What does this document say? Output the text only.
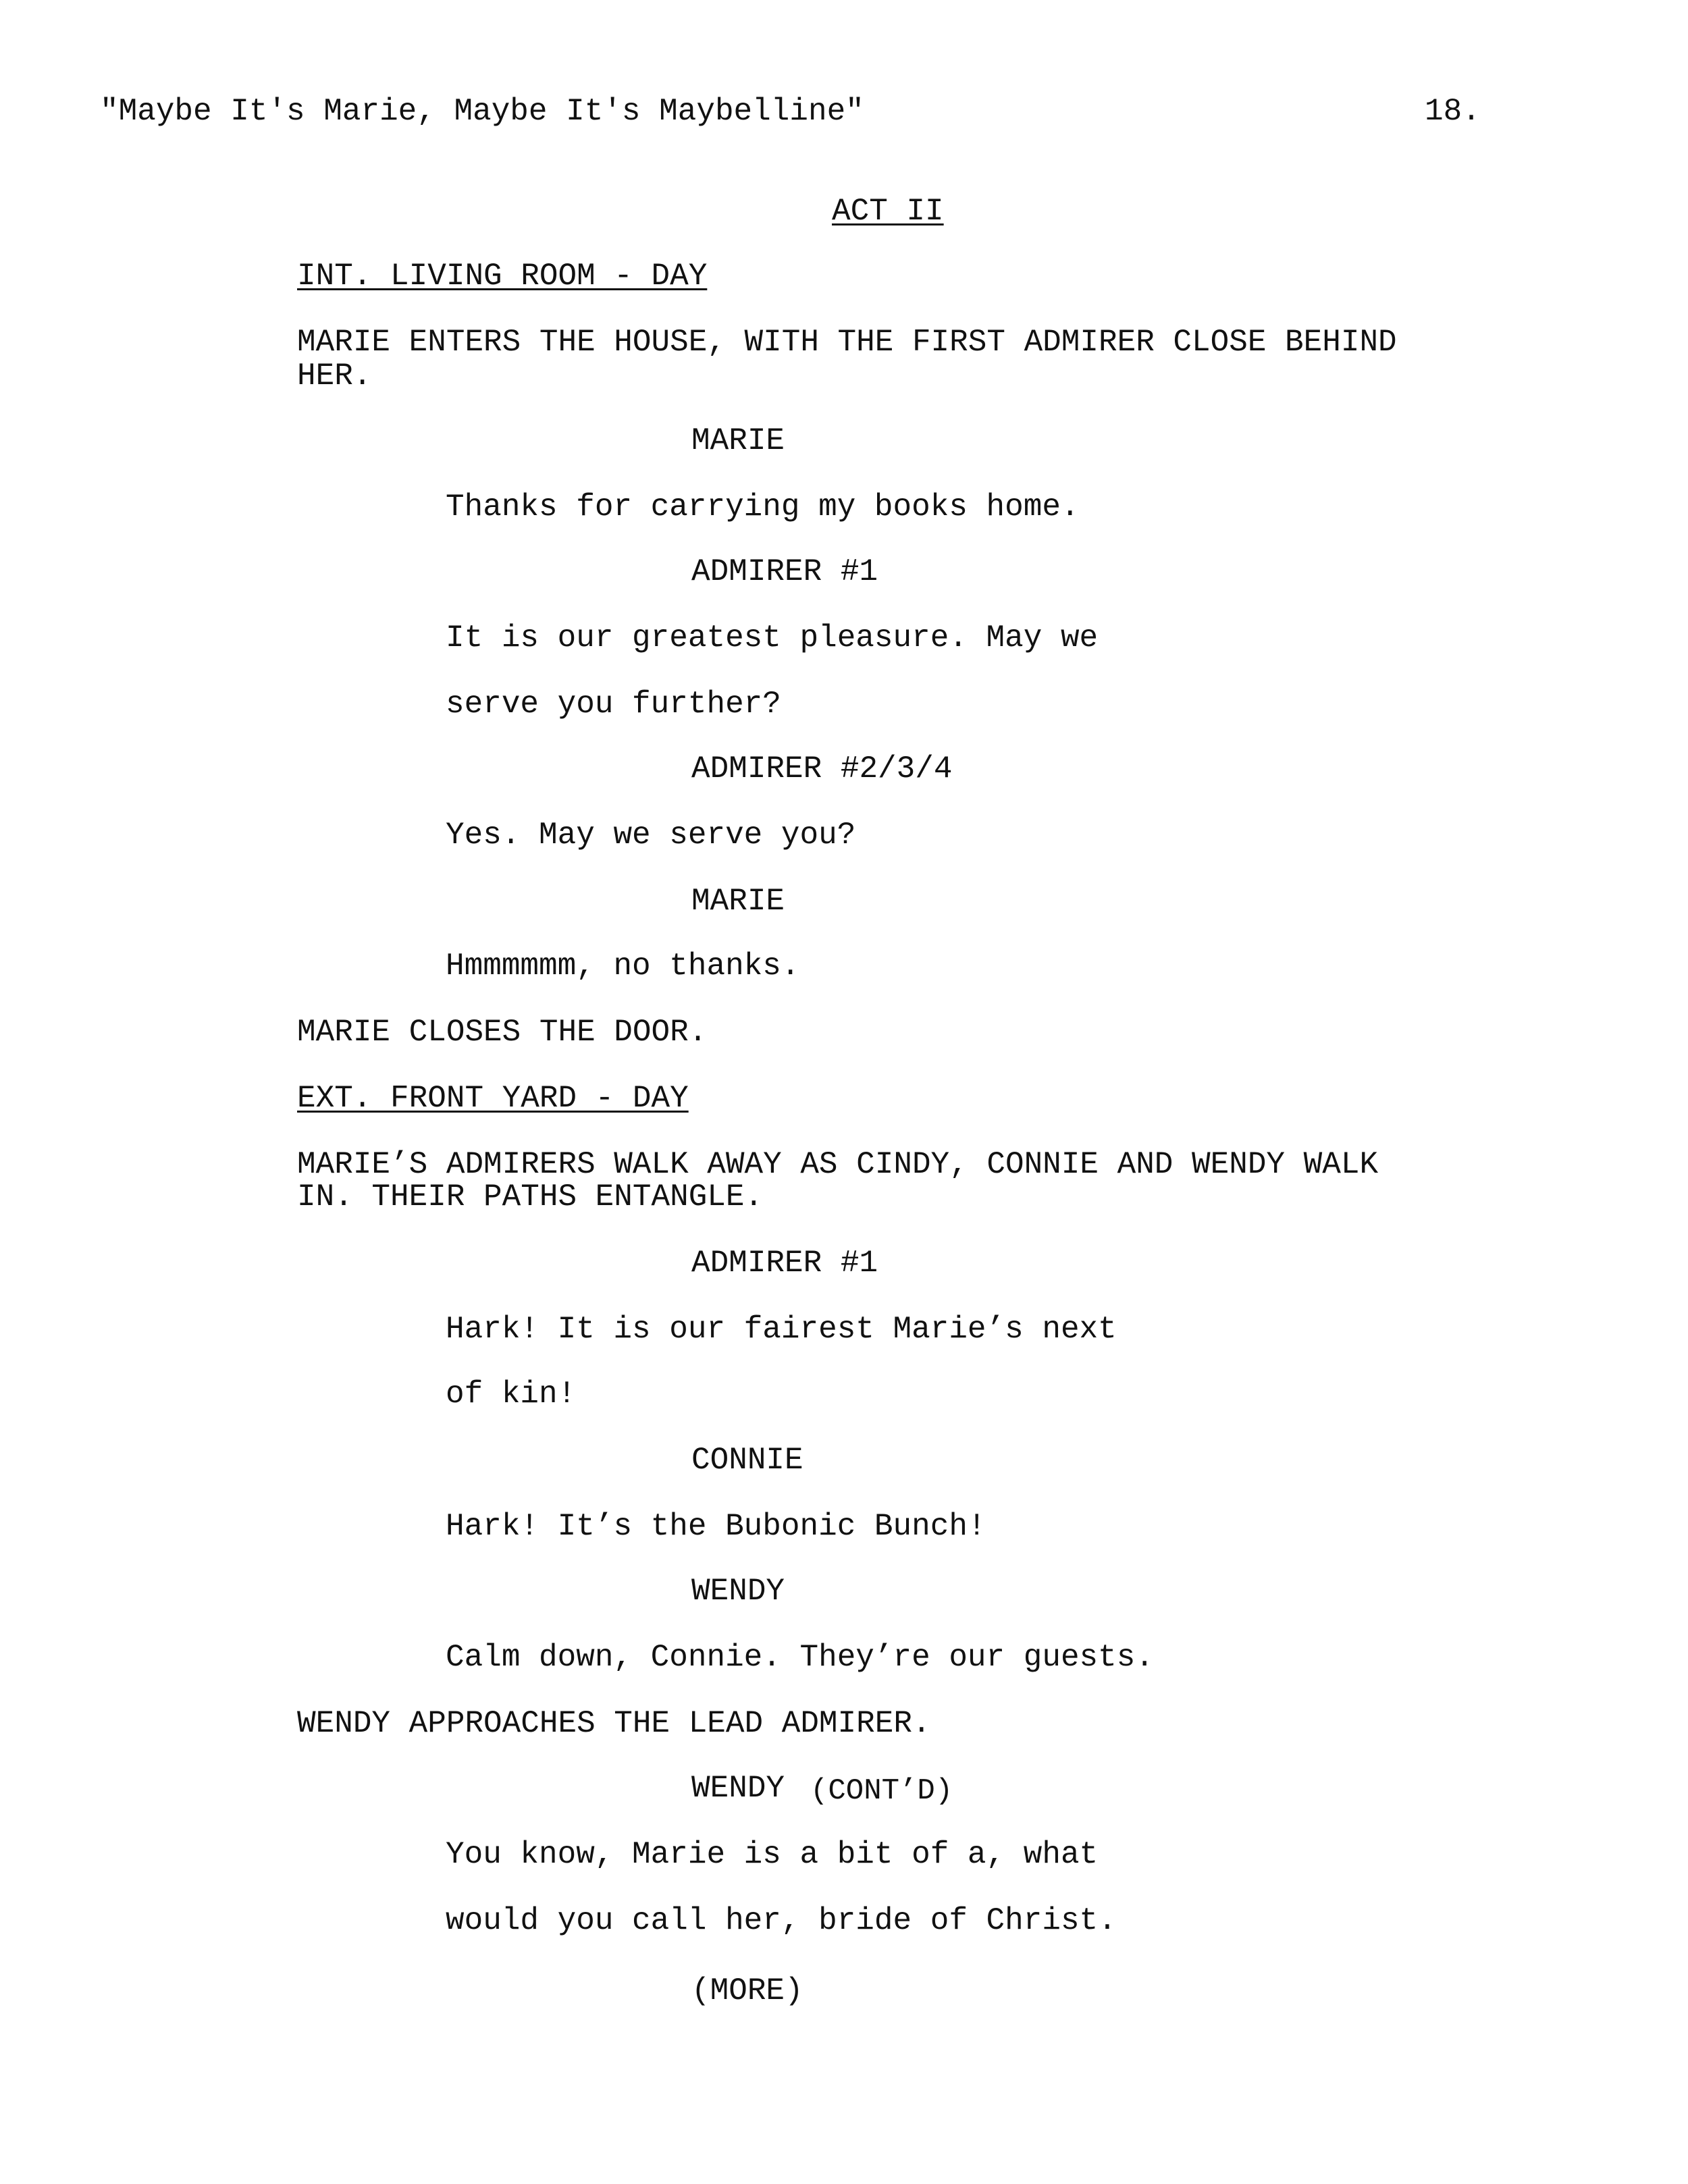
"Maybe It's Marie, Maybe It's Maybelline"	18.
ACT II
INT. LIVING ROOM - DAY
MARIE ENTERS THE HOUSE, WITH THE FIRST ADMIRER CLOSE BEHIND
HER.
MARIE
Thanks for carrying my books home.
ADMIRER #1
It is our greatest pleasure. May we
serve you further?
ADMIRER #2/3/4
Yes. May we serve you?
MARIE
Hmmmmmm, no thanks.
MARIE CLOSES THE DOOR.
EXT. FRONT YARD - DAY
MARIE’S ADMIRERS WALK AWAY AS CINDY, CONNIE AND WENDY WALK
IN. THEIR PATHS ENTANGLE.
ADMIRER #1
Hark! It is our fairest Marie’s next
of kin!
CONNIE
Hark! It’s the Bubonic Bunch!
WENDY
Calm down, Connie. They’re our guests.
WENDY APPROACHES THE LEAD ADMIRER.
WENDY (CONT’D)
You know, Marie is a bit of a, what
would you call her, bride of Christ.
(MORE)
